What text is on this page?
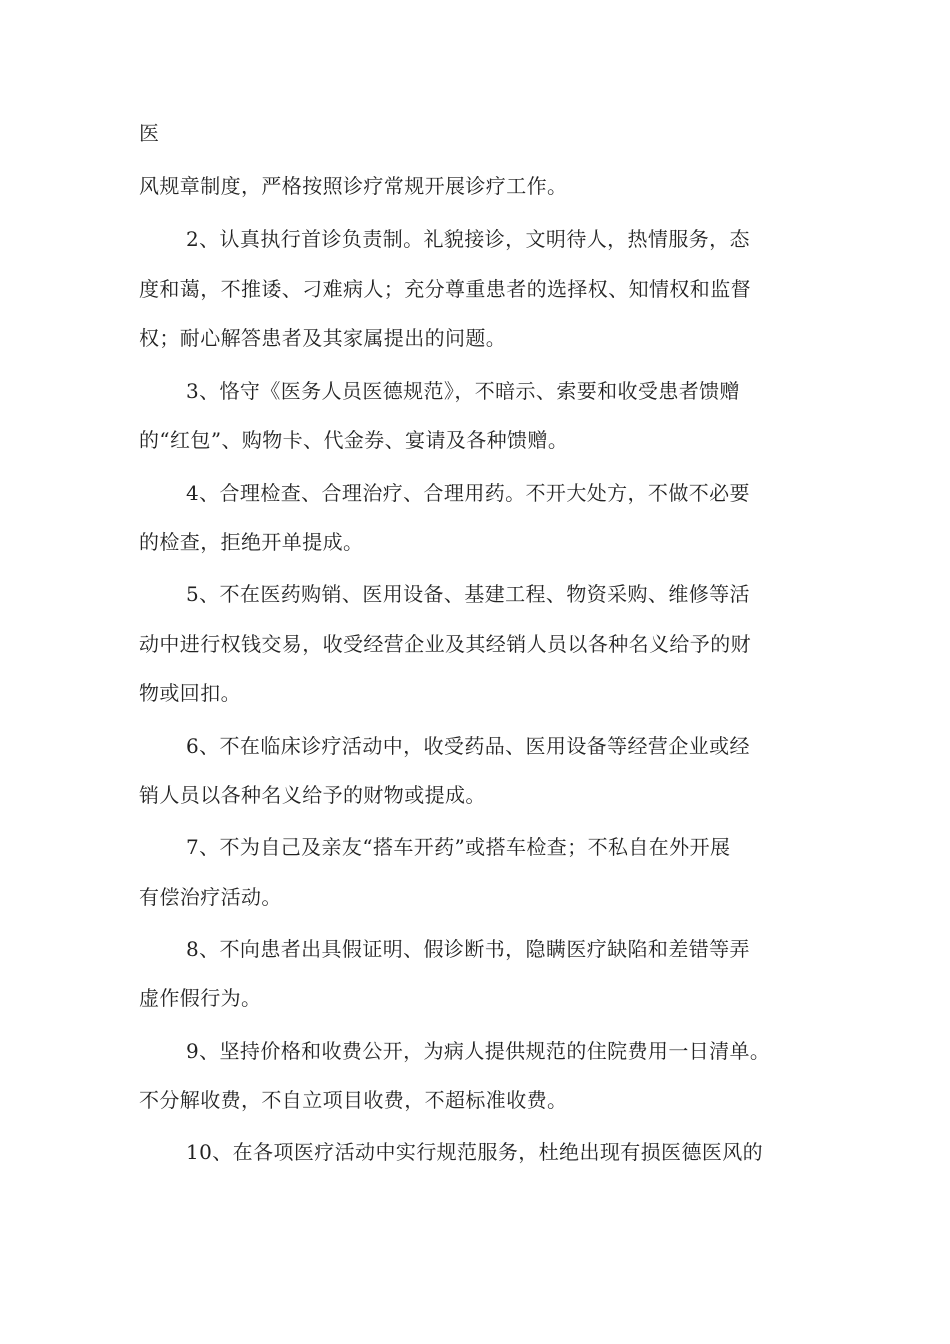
医
风规章制度，严格按照诊疗常规开展诊疗工作。
2、认真执行首诊负责制。礼貌接诊，文明待人，热情服务，态
度和蔼，不推诿、刁难病人；充分尊重患者的选择权、知情权和监督
权；耐心解答患者及其家属提出的问题。
3、恪守《医务人员医德规范》，不暗示、索要和收受患者馈赠
的“红包”、购物卡、代金券、宴请及各种馈赠。
4、合理检查、合理治疗、合理用药。不开大处方，不做不必要
的检查，拒绝开单提成。
5、不在医药购销、医用设备、基建工程、物资采购、维修等活
动中进行权钱交易，收受经营企业及其经销人员以各种名义给予的财
物或回扣。
6、不在临床诊疗活动中，收受药品、医用设备等经营企业或经
销人员以各种名义给予的财物或提成。
7、不为自己及亲友“搭车开药”或搭车检查；不私自在外开展
有偿治疗活动。
8、不向患者出具假证明、假诊断书，隐瞒医疗缺陷和差错等弄
虚作假行为。
9、坚持价格和收费公开，为病人提供规范的住院费用一日清单。
不分解收费，不自立项目收费，不超标准收费。
10、在各项医疗活动中实行规范服务，杜绝出现有损医德医风的
